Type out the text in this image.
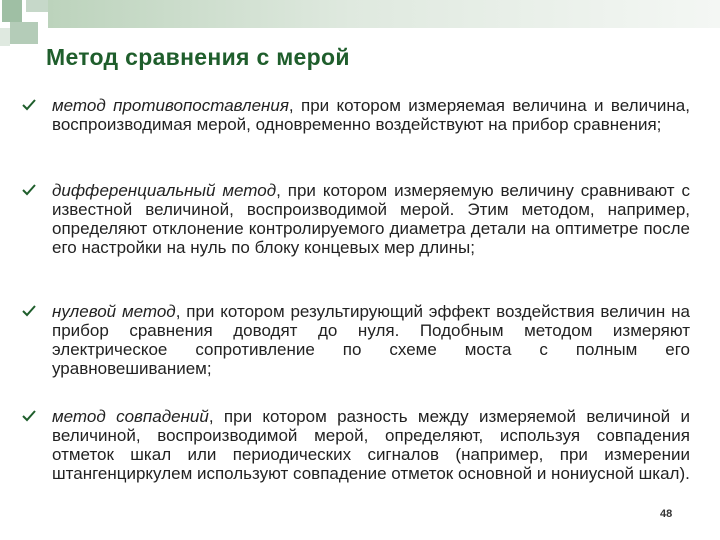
Метод сравнения с мерой
метод противопоставления, при котором измеряемая величина и величина, воспроизводимая мерой, одновременно воздействуют на прибор сравнения;
дифференциальный метод, при котором измеряемую величину сравнивают с известной величиной, воспроизводимой мерой. Этим методом, например, определяют отклонение контролируемого диаметра детали на оптиметре после его настройки на нуль по блоку концевых мер длины;
нулевой метод, при котором результирующий эффект воздействия величин на прибор сравнения доводят до нуля. Подобным методом измеряют электрическое сопротивление по схеме моста с полным его уравновешиванием;
метод совпадений, при котором разность между измеряемой величиной и величиной, воспроизводимой мерой, определяют, используя совпадения отметок шкал или периодических сигналов (например, при измерении штангенциркулем используют совпадение отметок основной и нониусной шкал).
48
